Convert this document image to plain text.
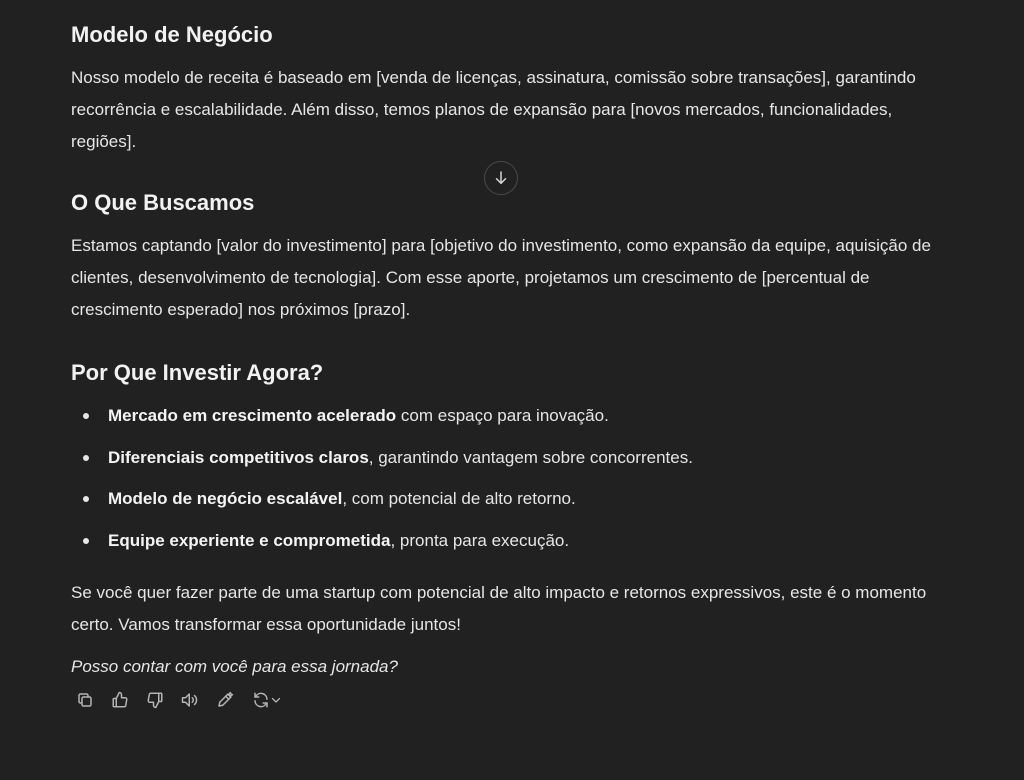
Modelo de Negócio

Nosso modelo de receita é baseado em [venda de licenças, assinatura, comissão sobre transações], garantindo recorrência e escalabilidade. Além disso, temos planos de expansão para [novos mercados, funcionalidades, regiões].

O Que Buscamos

Estamos captando [valor do investimento] para [objetivo do investimento, como expansão da equipe, aquisição de clientes, desenvolvimento de tecnologia]. Com esse aporte, projetamos um crescimento de [percentual de crescimento esperado] nos próximos [prazo].

Por Que Investir Agora?
Mercado em crescimento acelerado com espaço para inovação.
Diferenciais competitivos claros, garantindo vantagem sobre concorrentes.
Modelo de negócio escalável, com potencial de alto retorno.
Equipe experiente e comprometida, pronta para execução.

Se você quer fazer parte de uma startup com potencial de alto impacto e retornos expressivos, este é o momento certo. Vamos transformar essa oportunidade juntos!

Posso contar com você para essa jornada?
